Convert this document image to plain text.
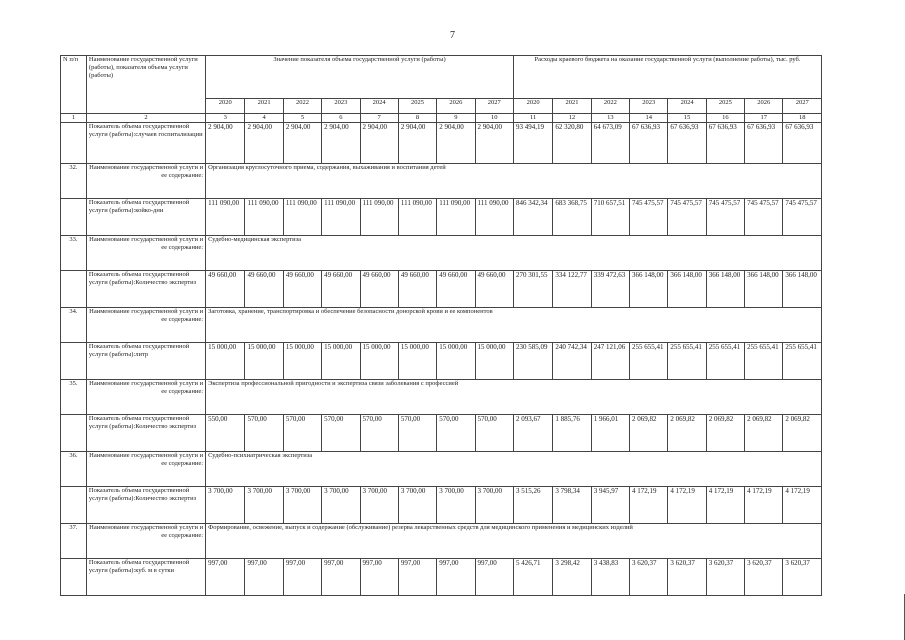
7
N п/п	Наименование государственной услуги (работы), показателя объема услуги (работы)	Значение показателя объема государственной услуги (работы)								Расходы краевого бюджета на оказание государственной услуги (выполнение работы), тыс. руб.							
		2020	2021	2022	2023	2024	2025	2026	2027	2020	2021	2022	2023	2024	2025	2026	2027
1	2	3	4	5	6	7	8	9	10	11	12	13	14	15	16	17	18
	Показатель объема государственной услуги (работы):случаев госпитализации	2 904,00	2 904,00	2 904,00	2 904,00	2 904,00	2 904,00	2 904,00	2 904,00	93 494,19	62 320,80	64 673,09	67 636,93	67 636,93	67 636,93	67 636,93	67 636,93
32.	Наименование государственной услуги и ее содержание:	Организация круглосуточного приема, содержания, выхаживания и воспитания детей															
	Показатель объема государственной услуги (работы):койко-дни	111 090,00	111 090,00	111 090,00	111 090,00	111 090,00	111 090,00	111 090,00	111 090,00	846 342,34	683 368,75	710 657,51	745 475,57	745 475,57	745 475,57	745 475,57	745 475,57
33.	Наименование государственной услуги и ее содержание:	Судебно-медицинская экспертиза															
	Показатель объема государственной услуги (работы):Количество экспертиз	49 660,00	49 660,00	49 660,00	49 660,00	49 660,00	49 660,00	49 660,00	49 660,00	270 301,55	334 122,77	339 472,63	366 148,00	366 148,00	366 148,00	366 148,00	366 148,00
34.	Наименование государственной услуги и ее содержание:	Заготовка, хранение, транспортировка и обеспечение безопасности донорской крови и ее компонентов															
	Показатель объема государственной услуги (работы):литр	15 000,00	15 000,00	15 000,00	15 000,00	15 000,00	15 000,00	15 000,00	15 000,00	230 585,09	240 742,34	247 121,06	255 655,41	255 655,41	255 655,41	255 655,41	255 655,41
35.	Наименование государственной услуги и ее содержание:	Экспертиза профессиональной пригодности и экспертиза связи заболевания с профессией															
	Показатель объема государственной услуги (работы):Количество экспертиз	550,00	570,00	570,00	570,00	570,00	570,00	570,00	570,00	2 093,67	1 885,76	1 966,01	2 069,82	2 069,82	2 069,82	2 069,82	2 069,82
36.	Наименование государственной услуги и ее содержание:	Судебно-психиатрическая экспертиза															
	Показатель объема государственной услуги (работы):Количество экспертиз	3 700,00	3 700,00	3 700,00	3 700,00	3 700,00	3 700,00	3 700,00	3 700,00	3 515,26	3 798,34	3 945,97	4 172,19	4 172,19	4 172,19	4 172,19	4 172,19
37.	Наименование государственной услуги и ее содержание:	Формирование, освежение, выпуск и содержание (обслуживание) резерва лекарственных средств для медицинского применения и медицинских изделий															
	Показатель объема государственной услуги (работы):куб. м в сутки	997,00	997,00	997,00	997,00	997,00	997,00	997,00	997,00	5 426,71	3 298,42	3 438,83	3 620,37	3 620,37	3 620,37	3 620,37	3 620,37
